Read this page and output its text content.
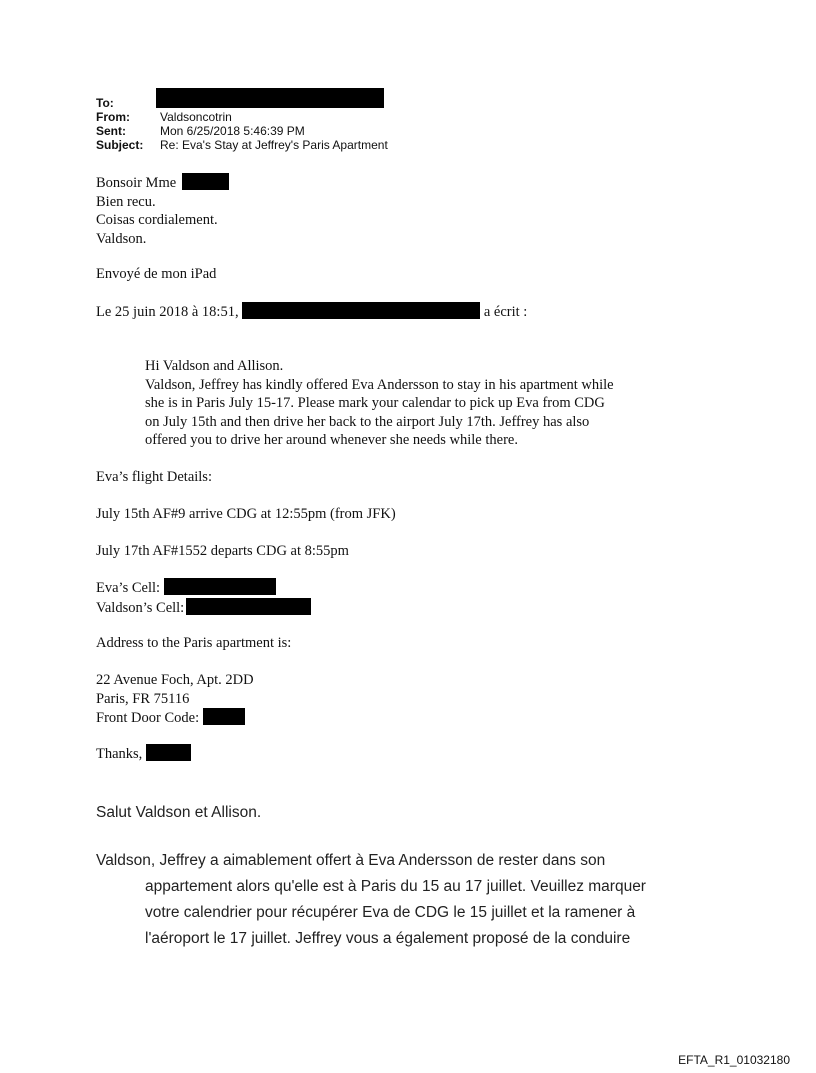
To:
From:	Valdsoncotrin
Sent:	Mon 6/25/2018 5:46:39 PM
Subject:	Re: Eva's Stay at Jeffrey's Paris Apartment
Bonsoir Mme
Bien recu.
Coisas cordialement.
Valdson.
Envoyé de mon iPad
Le 25 juin 2018 à 18:51,	a écrit :
Hi Valdson and Allison.
Valdson, Jeffrey has kindly offered Eva Andersson to stay in his apartment while
she is in Paris July 15-17. Please mark your calendar to pick up Eva from CDG
on July 15th and then drive her back to the airport July 17th. Jeffrey has also
offered you to drive her around whenever she needs while there.
Eva’s flight Details:
July 15th AF#9 arrive CDG at 12:55pm (from JFK)
July 17th AF#1552 departs CDG at 8:55pm
Eva’s Cell:
Valdson’s Cell:
Address to the Paris apartment is:
22 Avenue Foch, Apt. 2DD
Paris, FR 75116
Front Door Code:
Thanks,
Salut Valdson et Allison.
Valdson, Jeffrey a aimablement offert à Eva Andersson de rester dans son
appartement alors qu'elle est à Paris du 15 au 17 juillet. Veuillez marquer
votre calendrier pour récupérer Eva de CDG le 15 juillet et la ramener à
l'aéroport le 17 juillet. Jeffrey vous a également proposé de la conduire
EFTA_R1_01032180
